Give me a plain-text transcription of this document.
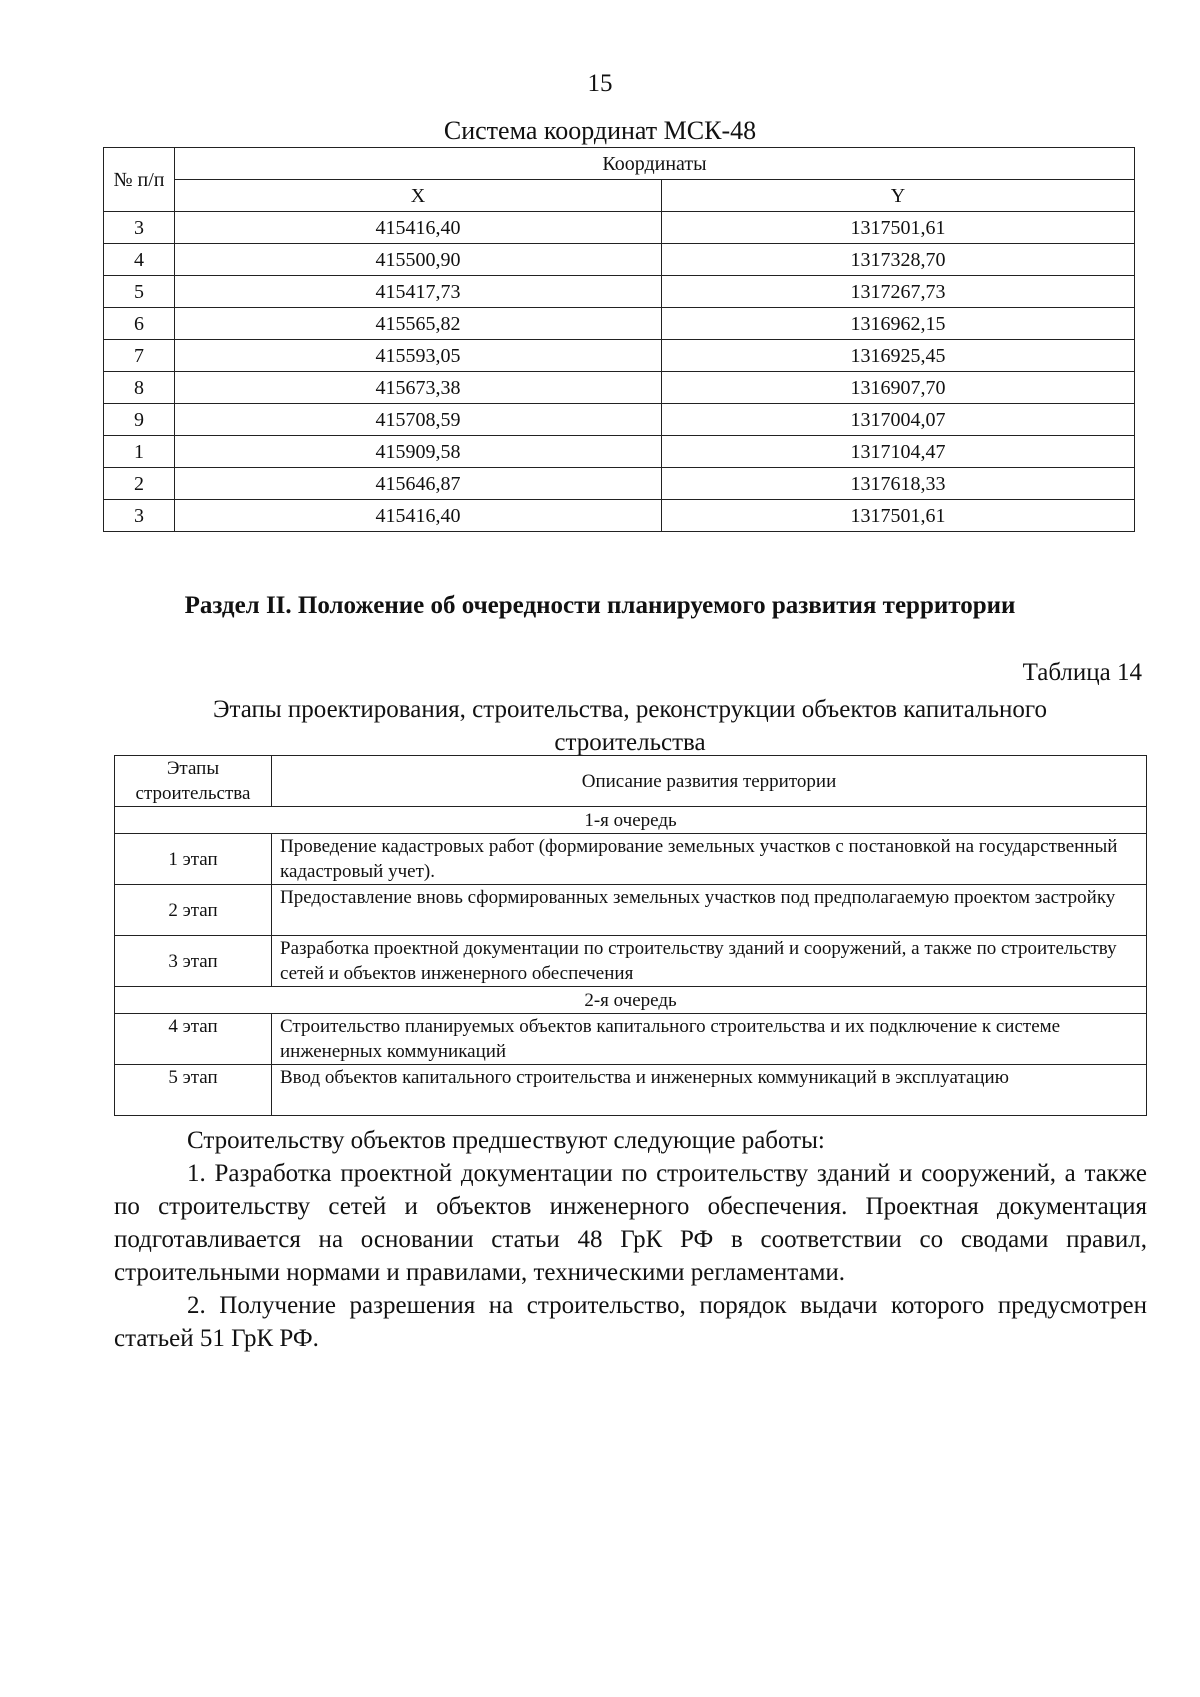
15
Система координат МСК-48
№ п/п	Координаты	
	X	Y
3	415416,40	1317501,61
4	415500,90	1317328,70
5	415417,73	1317267,73
6	415565,82	1316962,15
7	415593,05	1316925,45
8	415673,38	1316907,70
9	415708,59	1317004,07
1	415909,58	1317104,47
2	415646,87	1317618,33
3	415416,40	1317501,61
Раздел II. Положение об очередности планируемого развития территории
Таблица 14
Этапы проектирования, строительства, реконструкции объектов капитального строительства
Этапы строительства	Описание развития территории
1-я очередь	
1 этап	Проведение кадастровых работ (формирование земельных участков с постановкой на государственный кадастровый учет).
2 этап	Предоставление вновь сформированных земельных участков под предполагаемую проектом застройку
3 этап	Разработка проектной документации по строительству зданий и сооружений, а также по строительству сетей и объектов инженерного обеспечения
2-я очередь	
4 этап	Строительство планируемых объектов капитального строительства и их подключение к системе инженерных коммуникаций
5 этап	Ввод объектов капитального строительства и инженерных коммуникаций в эксплуатацию

Строительству объектов предшествуют следующие работы:

1. Разработка проектной документации по строительству зданий и сооружений, а также по строительству сетей и объектов инженерного обеспечения. Проектная документация подготавливается на основании статьи 48 ГрК РФ в соответствии со сводами правил, строительными нормами и правилами, техническими регламентами.

2. Получение разрешения на строительство, порядок выдачи которого предусмотрен статьей 51 ГрК РФ.
